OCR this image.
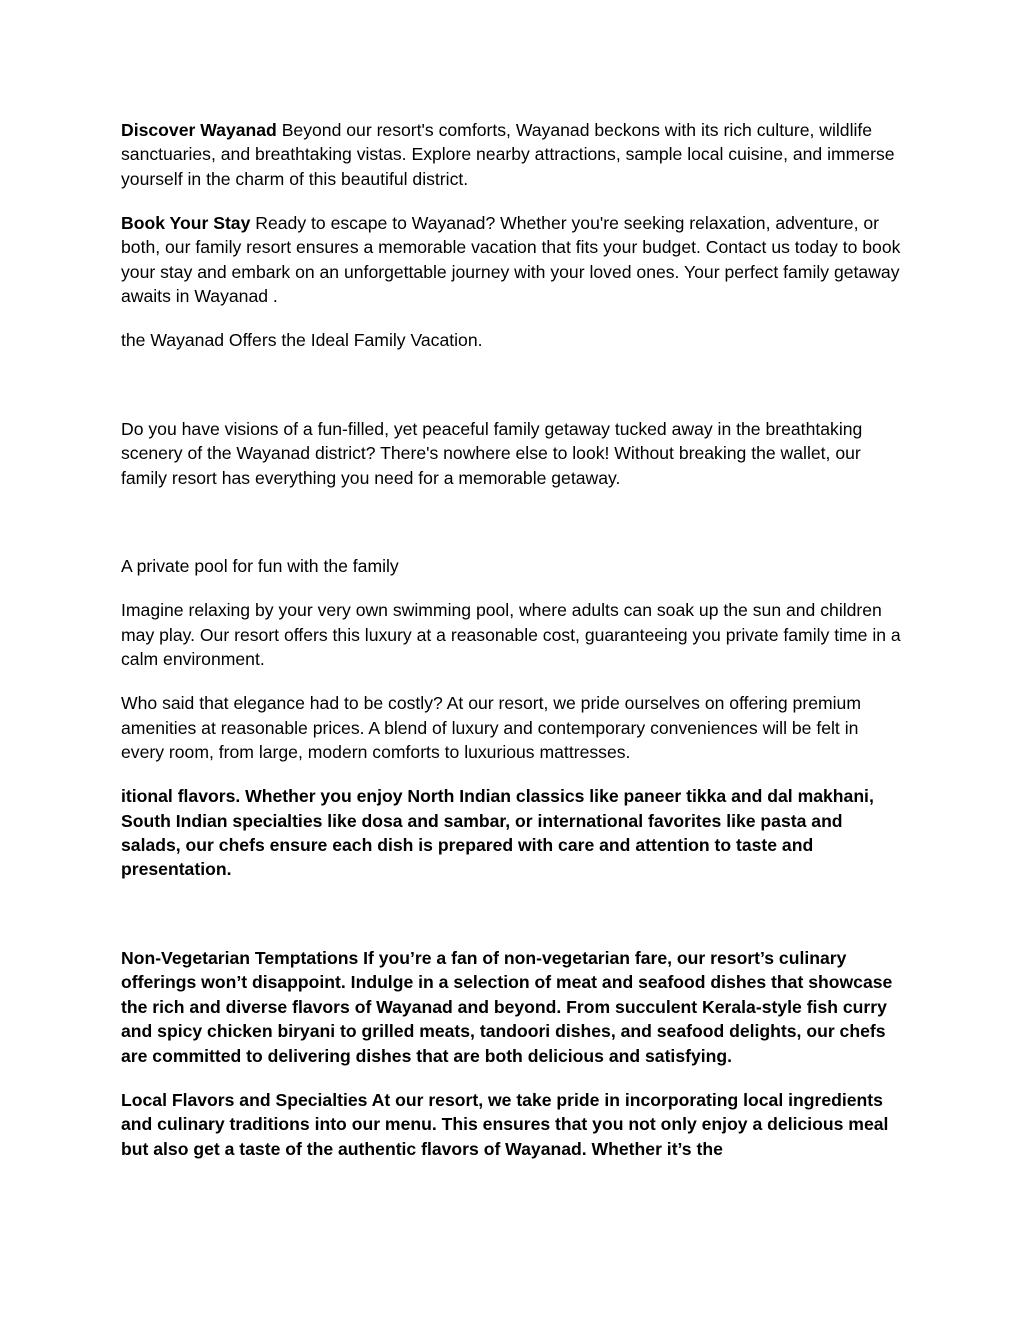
Discover Wayanad Beyond our resort's comforts, Wayanad beckons with its rich culture, wildlife sanctuaries, and breathtaking vistas. Explore nearby attractions, sample local cuisine, and immerse yourself in the charm of this beautiful district.

Book Your Stay Ready to escape to Wayanad? Whether you're seeking relaxation, adventure, or both, our family resort ensures a memorable vacation that fits your budget. Contact us today to book your stay and embark on an unforgettable journey with your loved ones. Your perfect family getaway awaits in Wayanad .

the Wayanad Offers the Ideal Family Vacation.

Do you have visions of a fun-filled, yet peaceful family getaway tucked away in the breathtaking scenery of the Wayanad district? There's nowhere else to look! Without breaking the wallet, our family resort has everything you need for a memorable getaway.

A private pool for fun with the family

Imagine relaxing by your very own swimming pool, where adults can soak up the sun and children may play. Our resort offers this luxury at a reasonable cost, guaranteeing you private family time in a calm environment.

Who said that elegance had to be costly? At our resort, we pride ourselves on offering premium amenities at reasonable prices. A blend of luxury and contemporary conveniences will be felt in every room, from large, modern comforts to luxurious mattresses.

itional flavors. Whether you enjoy North Indian classics like paneer tikka and dal makhani, South Indian specialties like dosa and sambar, or international favorites like pasta and salads, our chefs ensure each dish is prepared with care and attention to taste and presentation.

Non-Vegetarian Temptations If you’re a fan of non-vegetarian fare, our resort’s culinary offerings won’t disappoint. Indulge in a selection of meat and seafood dishes that showcase the rich and diverse flavors of Wayanad and beyond. From succulent Kerala-style fish curry and spicy chicken biryani to grilled meats, tandoori dishes, and seafood delights, our chefs are committed to delivering dishes that are both delicious and satisfying.

Local Flavors and Specialties At our resort, we take pride in incorporating local ingredients and culinary traditions into our menu. This ensures that you not only enjoy a delicious meal but also get a taste of the authentic flavors of Wayanad. Whether it’s the
